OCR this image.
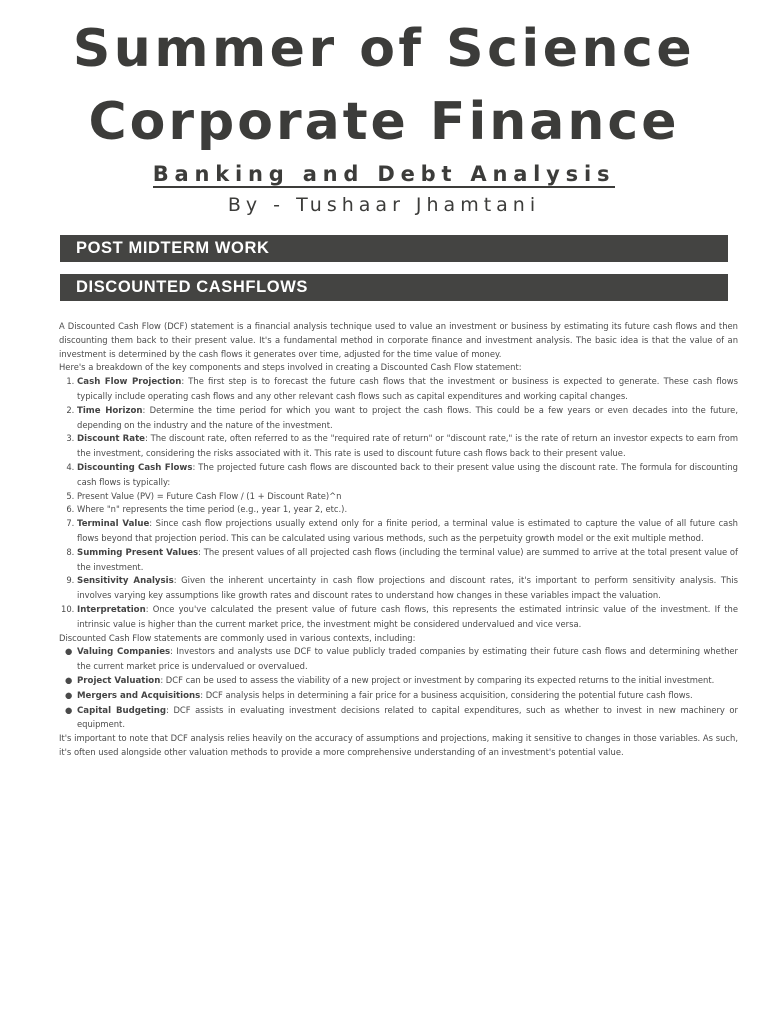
Summer of Science
Corporate Finance
Banking and Debt Analysis
By - Tushaar Jhamtani
POST MIDTERM WORK
DISCOUNTED CASHFLOWS

A Discounted Cash Flow (DCF) statement is a financial analysis technique used to value an investment or business by estimating its future cash flows and then discounting them back to their present value. It's a fundamental method in corporate finance and investment analysis. The basic idea is that the value of an investment is determined by the cash flows it generates over time, adjusted for the time value of money.

Here's a breakdown of the key components and steps involved in creating a Discounted Cash Flow statement:

1. Cash Flow Projection: The first step is to forecast the future cash flows that the investment or business is expected to generate. These cash flows typically include operating cash flows and any other relevant cash flows such as capital expenditures and working capital changes.
2. Time Horizon: Determine the time period for which you want to project the cash flows. This could be a few years or even decades into the future, depending on the industry and the nature of the investment.
3. Discount Rate: The discount rate, often referred to as the "required rate of return" or "discount rate," is the rate of return an investor expects to earn from the investment, considering the risks associated with it. This rate is used to discount future cash flows back to their present value.
4. Discounting Cash Flows: The projected future cash flows are discounted back to their present value using the discount rate. The formula for discounting cash flows is typically:
5. Present Value (PV) = Future Cash Flow / (1 + Discount Rate)^n
6. Where "n" represents the time period (e.g., year 1, year 2, etc.).
7. Terminal Value: Since cash flow projections usually extend only for a finite period, a terminal value is estimated to capture the value of all future cash flows beyond that projection period. This can be calculated using various methods, such as the perpetuity growth model or the exit multiple method.
8. Summing Present Values: The present values of all projected cash flows (including the terminal value) are summed to arrive at the total present value of the investment.
9. Sensitivity Analysis: Given the inherent uncertainty in cash flow projections and discount rates, it's important to perform sensitivity analysis. This involves varying key assumptions like growth rates and discount rates to understand how changes in these variables impact the valuation.
10. Interpretation: Once you've calculated the present value of future cash flows, this represents the estimated intrinsic value of the investment. If the intrinsic value is higher than the current market price, the investment might be considered undervalued and vice versa.

Discounted Cash Flow statements are commonly used in various contexts, including:

● Valuing Companies: Investors and analysts use DCF to value publicly traded companies by estimating their future cash flows and determining whether the current market price is undervalued or overvalued.
● Project Valuation: DCF can be used to assess the viability of a new project or investment by comparing its expected returns to the initial investment.
● Mergers and Acquisitions: DCF analysis helps in determining a fair price for a business acquisition, considering the potential future cash flows.
● Capital Budgeting: DCF assists in evaluating investment decisions related to capital expenditures, such as whether to invest in new machinery or equipment.

It's important to note that DCF analysis relies heavily on the accuracy of assumptions and projections, making it sensitive to changes in those variables. As such, it's often used alongside other valuation methods to provide a more comprehensive understanding of an investment's potential value.
